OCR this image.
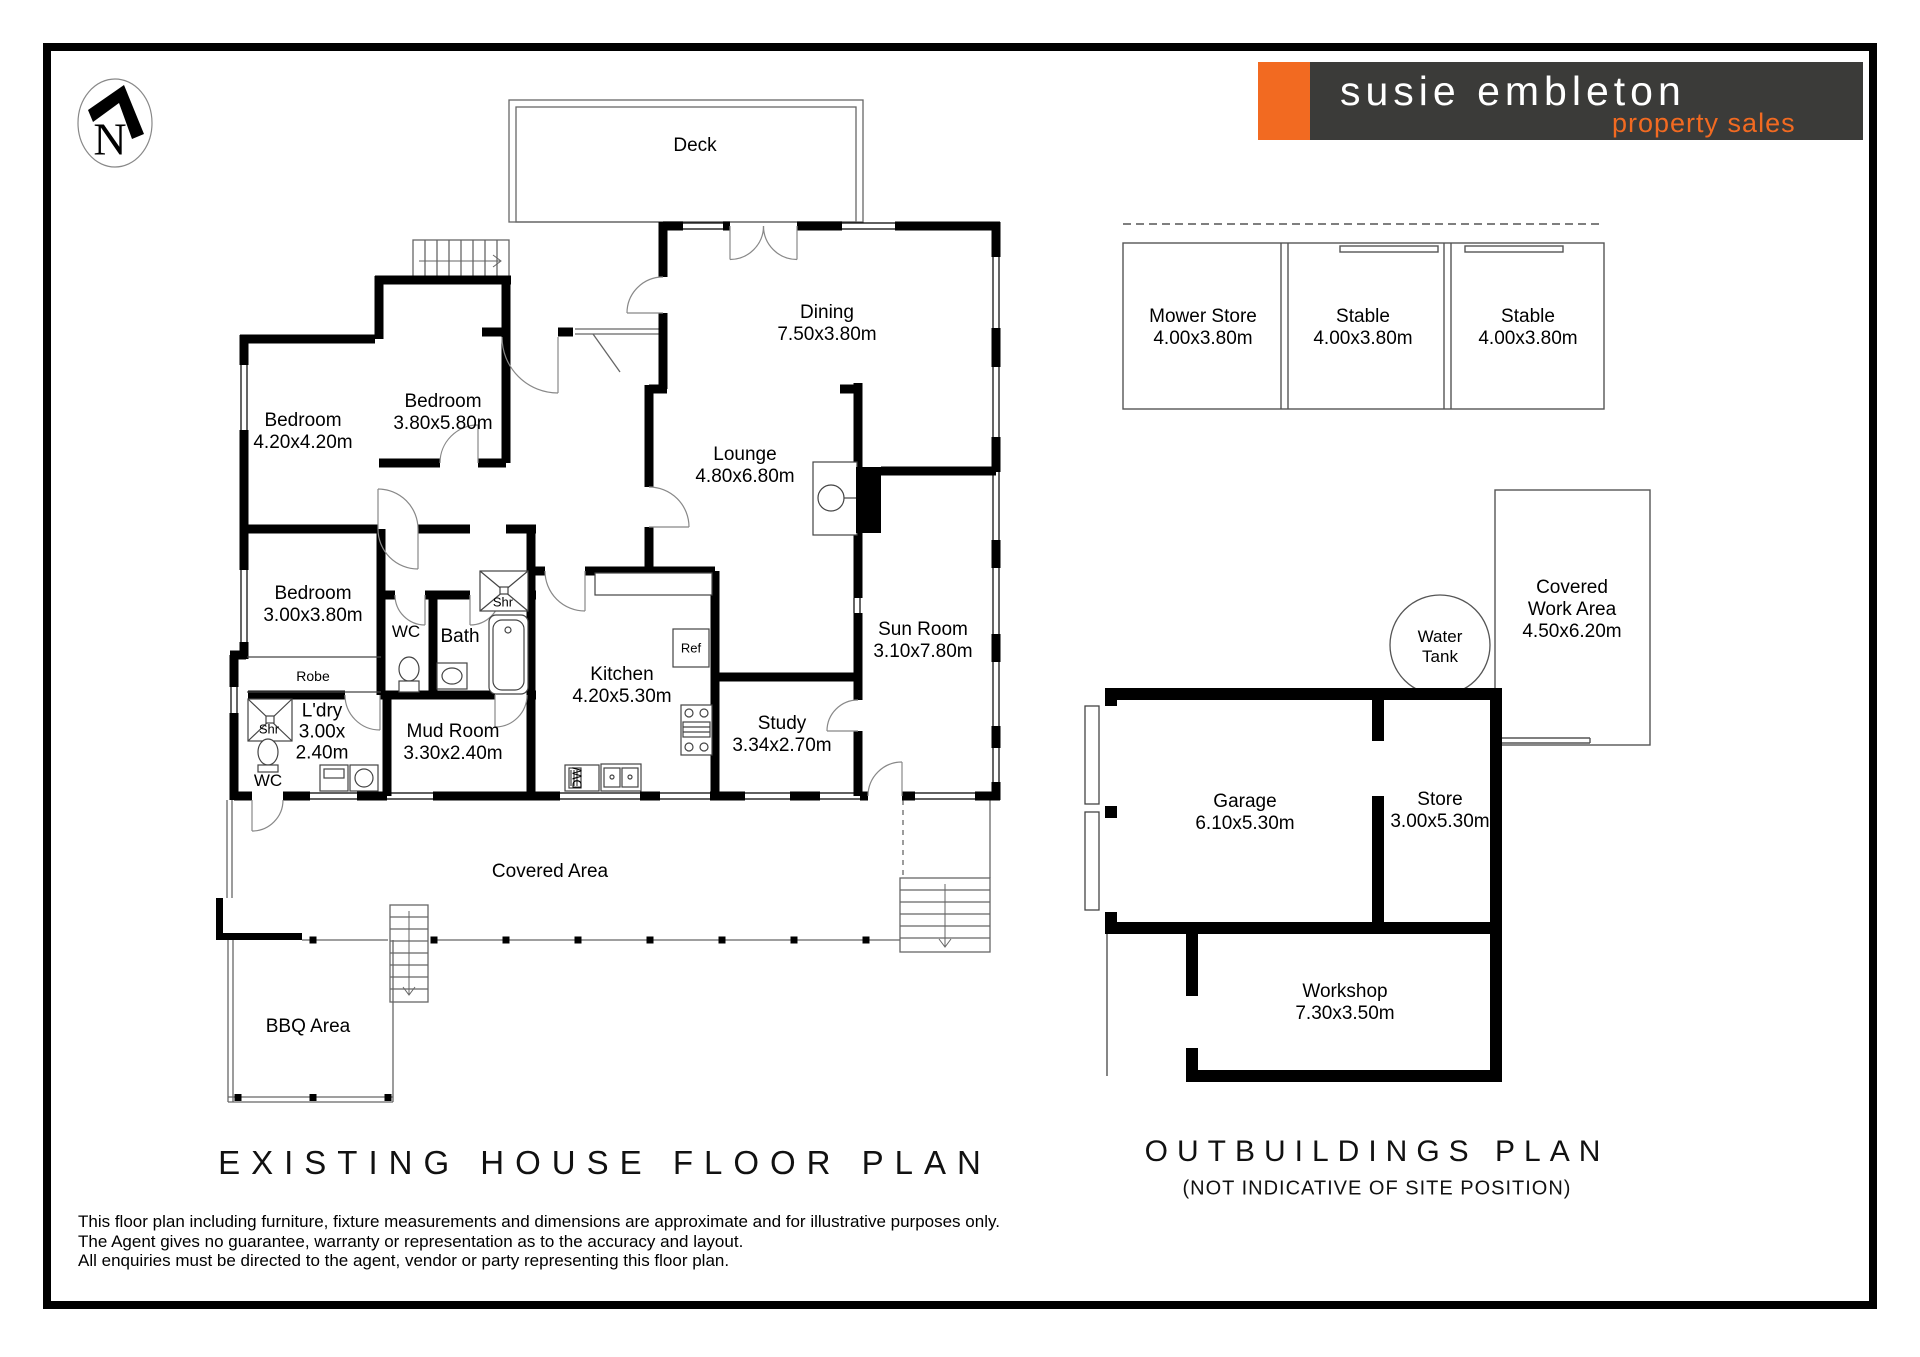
N
susie embleton
property sales
Deck
Dining
7.50x3.80m
Bedroom
4.20x4.20m
Bedroom
3.80x5.80m
Lounge
4.80x6.80m
Bedroom
3.00x3.80m
Sun Room
3.10x7.80m
Kitchen
4.20x5.30m
Study
3.34x2.70m
Mud Room
3.30x2.40m
L'dry
3.00x
2.40m
Bath
WC
WC
Robe
Shr
Shr
Ref
DW
Covered Area
BBQ Area
Mower Store
4.00x3.80m
Stable
4.00x3.80m
Stable
4.00x3.80m
Covered
Work Area
4.50x6.20m
Water
Tank
Garage
6.10x5.30m
Store
3.00x5.30m
Workshop
7.30x3.50m
EXISTING HOUSE FLOOR PLAN	OUTBUILDINGS PLAN
(NOT INDICATIVE OF SITE POSITION)
This floor plan including furniture, fixture measurements and dimensions are approximate and for illustrative purposes only.
The Agent gives no guarantee, warranty or representation as to the accuracy and layout.
All enquiries must be directed to the agent, vendor or party representing this floor plan.
